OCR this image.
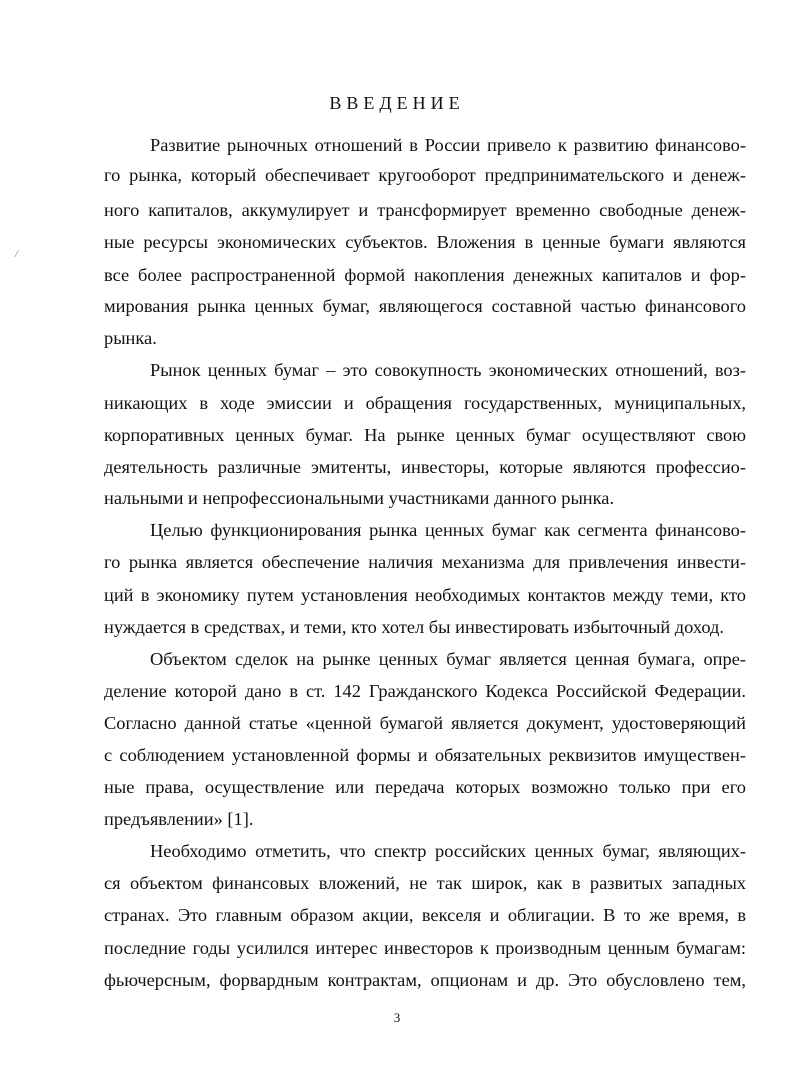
ВВЕДЕНИЕ
/
Развитие рыночных отношений в России привело к развитию финансово-
го рынка, который обеспечивает кругооборот предпринимательского и денеж-
ного капиталов, аккумулирует и трансформирует временно свободные денеж-
ные ресурсы экономических субъектов. Вложения в ценные бумаги являются
все более распространенной формой накопления денежных капиталов и фор-
мирования рынка ценных бумаг, являющегося составной частью финансового
рынка.
Рынок ценных бумаг – это совокупность экономических отношений, воз-
никающих в ходе эмиссии и обращения государственных, муниципальных,
корпоративных ценных бумаг. На рынке ценных бумаг осуществляют свою
деятельность различные эмитенты, инвесторы, которые являются профессио-
нальными и непрофессиональными участниками данного рынка.
Целью функционирования рынка ценных бумаг как сегмента финансово-
го рынка является обеспечение наличия механизма для привлечения инвести-
ций в экономику путем установления необходимых контактов между теми, кто
нуждается в средствах, и теми, кто хотел бы инвестировать избыточный доход.
Объектом сделок на рынке ценных бумаг является ценная бумага, опре-
деление которой дано в ст. 142 Гражданского Кодекса Российской Федерации.
Согласно данной статье «ценной бумагой является документ, удостоверяющий
с соблюдением установленной формы и обязательных реквизитов имуществен-
ные права, осуществление или передача которых возможно только при его
предъявлении» [1].
Необходимо отметить, что спектр российских ценных бумаг, являющих-
ся объектом финансовых вложений, не так широк, как в развитых западных
странах. Это главным образом акции, векселя и облигации. В то же время, в
последние годы усилился интерес инвесторов к производным ценным бумагам:
фьючерсным, форвардным контрактам, опционам и др. Это обусловлено тем,
3
